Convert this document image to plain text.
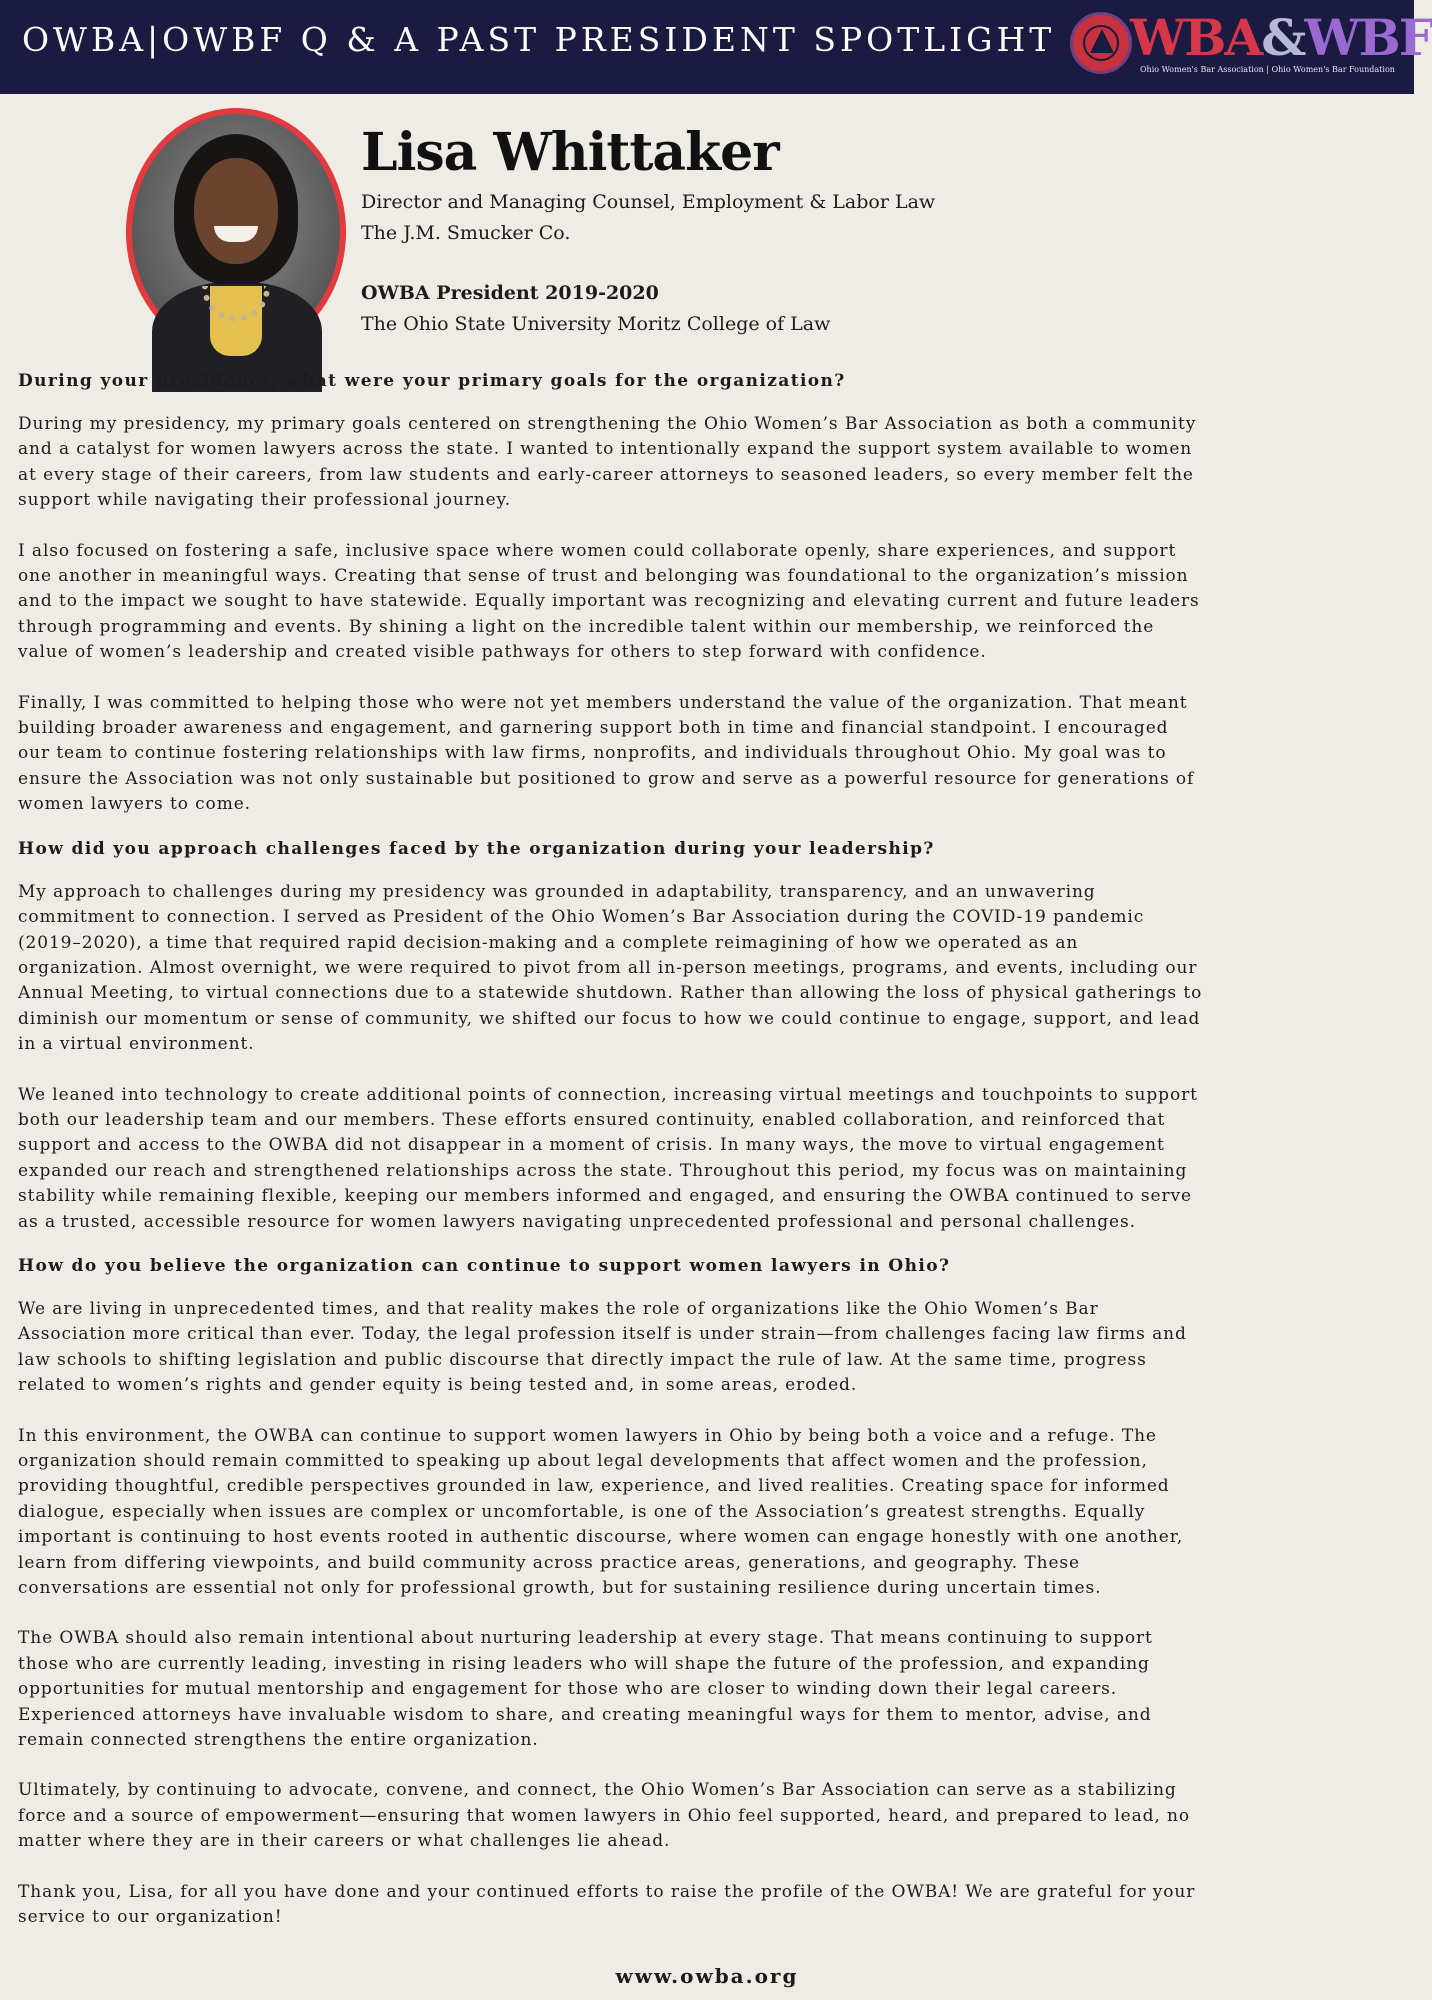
OWBA|OWBF Q & A PAST PRESIDENT SPOTLIGHT WBA&WBF
Ohio Women's Bar Association | Ohio Women's Bar Foundation
Lisa Whittaker
Director and Managing Counsel, Employment & Labor Law
The J.M. Smucker Co.
OWBA President 2019-2020
The Ohio State University Moritz College of Law

During your presidency, what were your primary goals for the organization?

During my presidency, my primary goals centered on strengthening the Ohio Women’s Bar Association as both a community

and a catalyst for women lawyers across the state. I wanted to intentionally expand the support system available to women

at every stage of their careers, from law students and early-career attorneys to seasoned leaders, so every member felt the

support while navigating their professional journey.

I also focused on fostering a safe, inclusive space where women could collaborate openly, share experiences, and support

one another in meaningful ways. Creating that sense of trust and belonging was foundational to the organization’s mission

and to the impact we sought to have statewide. Equally important was recognizing and elevating current and future leaders

through programming and events. By shining a light on the incredible talent within our membership, we reinforced the

value of women’s leadership and created visible pathways for others to step forward with confidence.

Finally, I was committed to helping those who were not yet members understand the value of the organization. That meant

building broader awareness and engagement, and garnering support both in time and financial standpoint. I encouraged

our team to continue fostering relationships with law firms, nonprofits, and individuals throughout Ohio. My goal was to

ensure the Association was not only sustainable but positioned to grow and serve as a powerful resource for generations of

women lawyers to come.

How did you approach challenges faced by the organization during your leadership?

My approach to challenges during my presidency was grounded in adaptability, transparency, and an unwavering

commitment to connection. I served as President of the Ohio Women’s Bar Association during the COVID-19 pandemic

(2019–2020), a time that required rapid decision-making and a complete reimagining of how we operated as an

organization. Almost overnight, we were required to pivot from all in-person meetings, programs, and events, including our

Annual Meeting, to virtual connections due to a statewide shutdown. Rather than allowing the loss of physical gatherings to

diminish our momentum or sense of community, we shifted our focus to how we could continue to engage, support, and lead

in a virtual environment.

We leaned into technology to create additional points of connection, increasing virtual meetings and touchpoints to support

both our leadership team and our members. These efforts ensured continuity, enabled collaboration, and reinforced that

support and access to the OWBA did not disappear in a moment of crisis. In many ways, the move to virtual engagement

expanded our reach and strengthened relationships across the state. Throughout this period, my focus was on maintaining

stability while remaining flexible, keeping our members informed and engaged, and ensuring the OWBA continued to serve

as a trusted, accessible resource for women lawyers navigating unprecedented professional and personal challenges.

How do you believe the organization can continue to support women lawyers in Ohio?

We are living in unprecedented times, and that reality makes the role of organizations like the Ohio Women’s Bar

Association more critical than ever. Today, the legal profession itself is under strain—from challenges facing law firms and

law schools to shifting legislation and public discourse that directly impact the rule of law. At the same time, progress

related to women’s rights and gender equity is being tested and, in some areas, eroded.

In this environment, the OWBA can continue to support women lawyers in Ohio by being both a voice and a refuge. The

organization should remain committed to speaking up about legal developments that affect women and the profession,

providing thoughtful, credible perspectives grounded in law, experience, and lived realities. Creating space for informed

dialogue, especially when issues are complex or uncomfortable, is one of the Association’s greatest strengths. Equally

important is continuing to host events rooted in authentic discourse, where women can engage honestly with one another,

learn from differing viewpoints, and build community across practice areas, generations, and geography. These

conversations are essential not only for professional growth, but for sustaining resilience during uncertain times.

The OWBA should also remain intentional about nurturing leadership at every stage. That means continuing to support

those who are currently leading, investing in rising leaders who will shape the future of the profession, and expanding

opportunities for mutual mentorship and engagement for those who are closer to winding down their legal careers.

Experienced attorneys have invaluable wisdom to share, and creating meaningful ways for them to mentor, advise, and

remain connected strengthens the entire organization.

Ultimately, by continuing to advocate, convene, and connect, the Ohio Women’s Bar Association can serve as a stabilizing

force and a source of empowerment—ensuring that women lawyers in Ohio feel supported, heard, and prepared to lead, no

matter where they are in their careers or what challenges lie ahead.

Thank you, Lisa, for all you have done and your continued efforts to raise the profile of the OWBA! We are grateful for your

service to our organization!

www.owba.org
